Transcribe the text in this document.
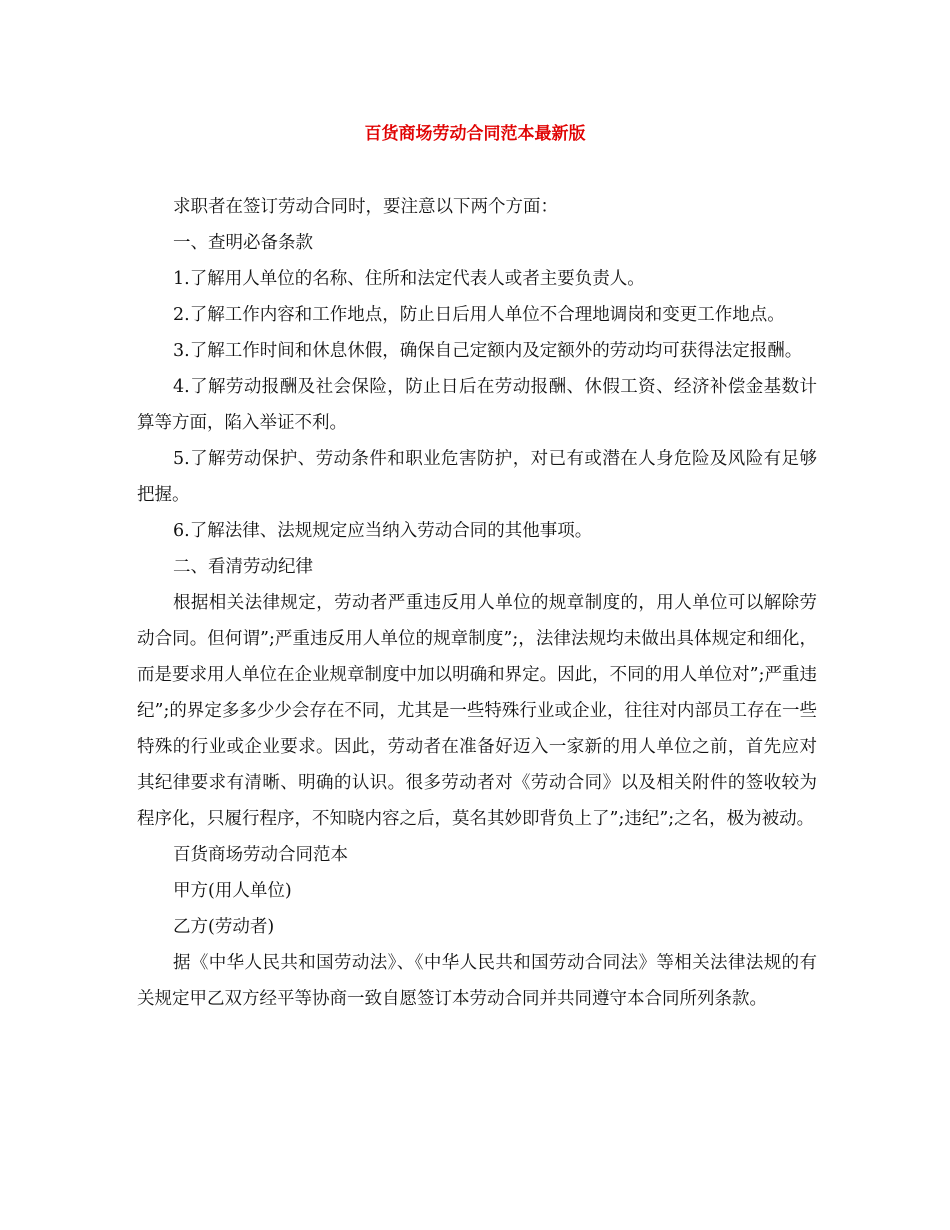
百货商场劳动合同范本最新版

求职者在签订劳动合同时，要注意以下两个方面：

一、查明必备条款

1.了解用人单位的名称、住所和法定代表人或者主要负责人。

2.了解工作内容和工作地点，防止日后用人单位不合理地调岗和变更工作地点。

3.了解工作时间和休息休假，确保自己定额内及定额外的劳动均可获得法定报酬。

4.了解劳动报酬及社会保险，防止日后在劳动报酬、休假工资、经济补偿金基数计算等方面，陷入举证不利。

5.了解劳动保护、劳动条件和职业危害防护，对已有或潜在人身危险及风险有足够把握。

6.了解法律、法规规定应当纳入劳动合同的其他事项。

二、看清劳动纪律

根据相关法律规定，劳动者严重违反用人单位的规章制度的，用人单位可以解除劳动合同。但何谓”;严重违反用人单位的规章制度”;，法律法规均未做出具体规定和细化，而是要求用人单位在企业规章制度中加以明确和界定。因此，不同的用人单位对”;严重违纪”;的界定多多少少会存在不同，尤其是一些特殊行业或企业，往往对内部员工存在一些特殊的行业或企业要求。因此，劳动者在准备好迈入一家新的用人单位之前，首先应对其纪律要求有清晰、明确的认识。很多劳动者对《劳动合同》以及相关附件的签收较为程序化，只履行程序，不知晓内容之后，莫名其妙即背负上了”;违纪”;之名，极为被动。

百货商场劳动合同范本

甲方(用人单位)

乙方(劳动者)

据《中华人民共和国劳动法》、《中华人民共和国劳动合同法》等相关法律法规的有关规定甲乙双方经平等协商一致自愿签订本劳动合同并共同遵守本合同所列条款。
